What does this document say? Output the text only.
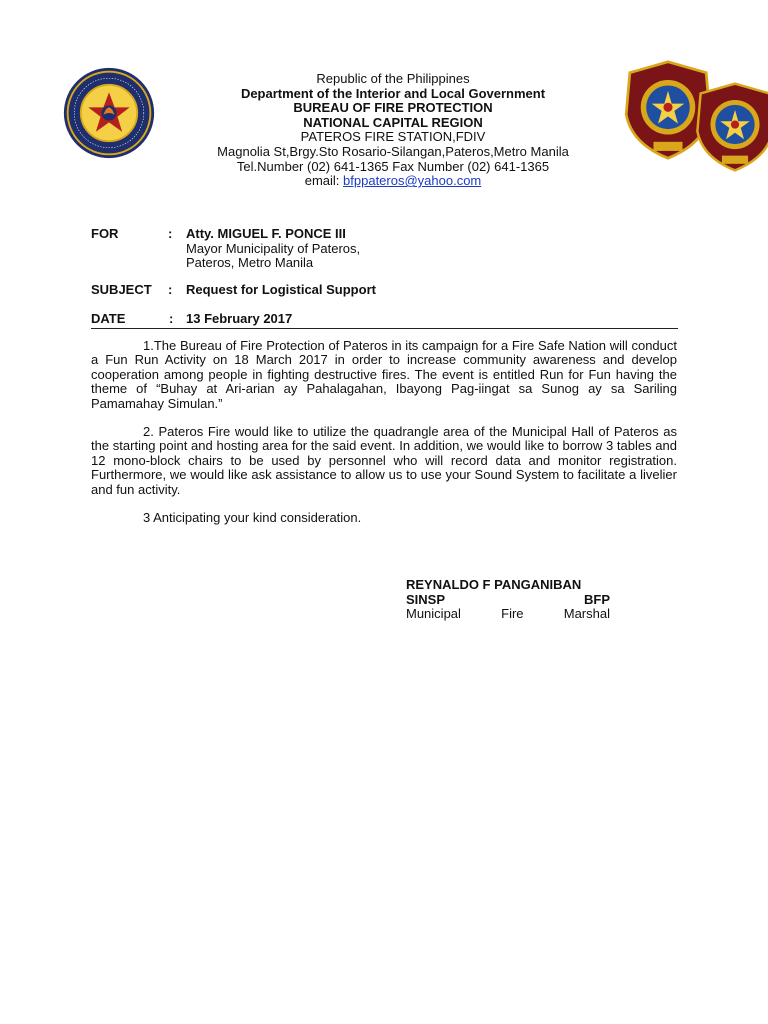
Republic of the Philippines
Department of the Interior and Local Government
BUREAU OF FIRE PROTECTION
NATIONAL CAPITAL REGION
PATEROS FIRE STATION,FDIV
Magnolia St,Brgy.Sto Rosario-Silangan,Pateros,Metro Manila
Tel.Number (02) 641-1365 Fax Number (02) 641-1365
email: bfppateros@yahoo.com
FOR	: Atty. MIGUEL F. PONCE III
Mayor Municipality of Pateros,
Pateros, Metro Manila
SUBJECT : Request for Logistical Support
DATE	: 13 February 2017

1.The Bureau of Fire Protection of Pateros in its campaign for a Fire Safe Nation will conduct a Fun Run Activity on 18 March 2017 in order to increase community awareness and develop cooperation among people in fighting destructive fires. The event is entitled Run for Fun having the theme of “Buhay at Ari-arian ay Pahalagahan, Ibayong Pag-iingat sa Sunog ay sa Sariling Pamamahay Simulan.”

2. Pateros Fire would like to utilize the quadrangle area of the Municipal Hall of Pateros as the starting point and hosting area for the said event. In addition, we would like to borrow 3 tables and 12 mono-block chairs to be used by personnel who will record data and monitor registration. Furthermore, we would like ask assistance to allow us to use your Sound System to facilitate a livelier and fun activity.

3 Anticipating your kind consideration.

REYNALDO F PANGANIBAN
SINSP	BFP
Municipal	Fire	Marshal
